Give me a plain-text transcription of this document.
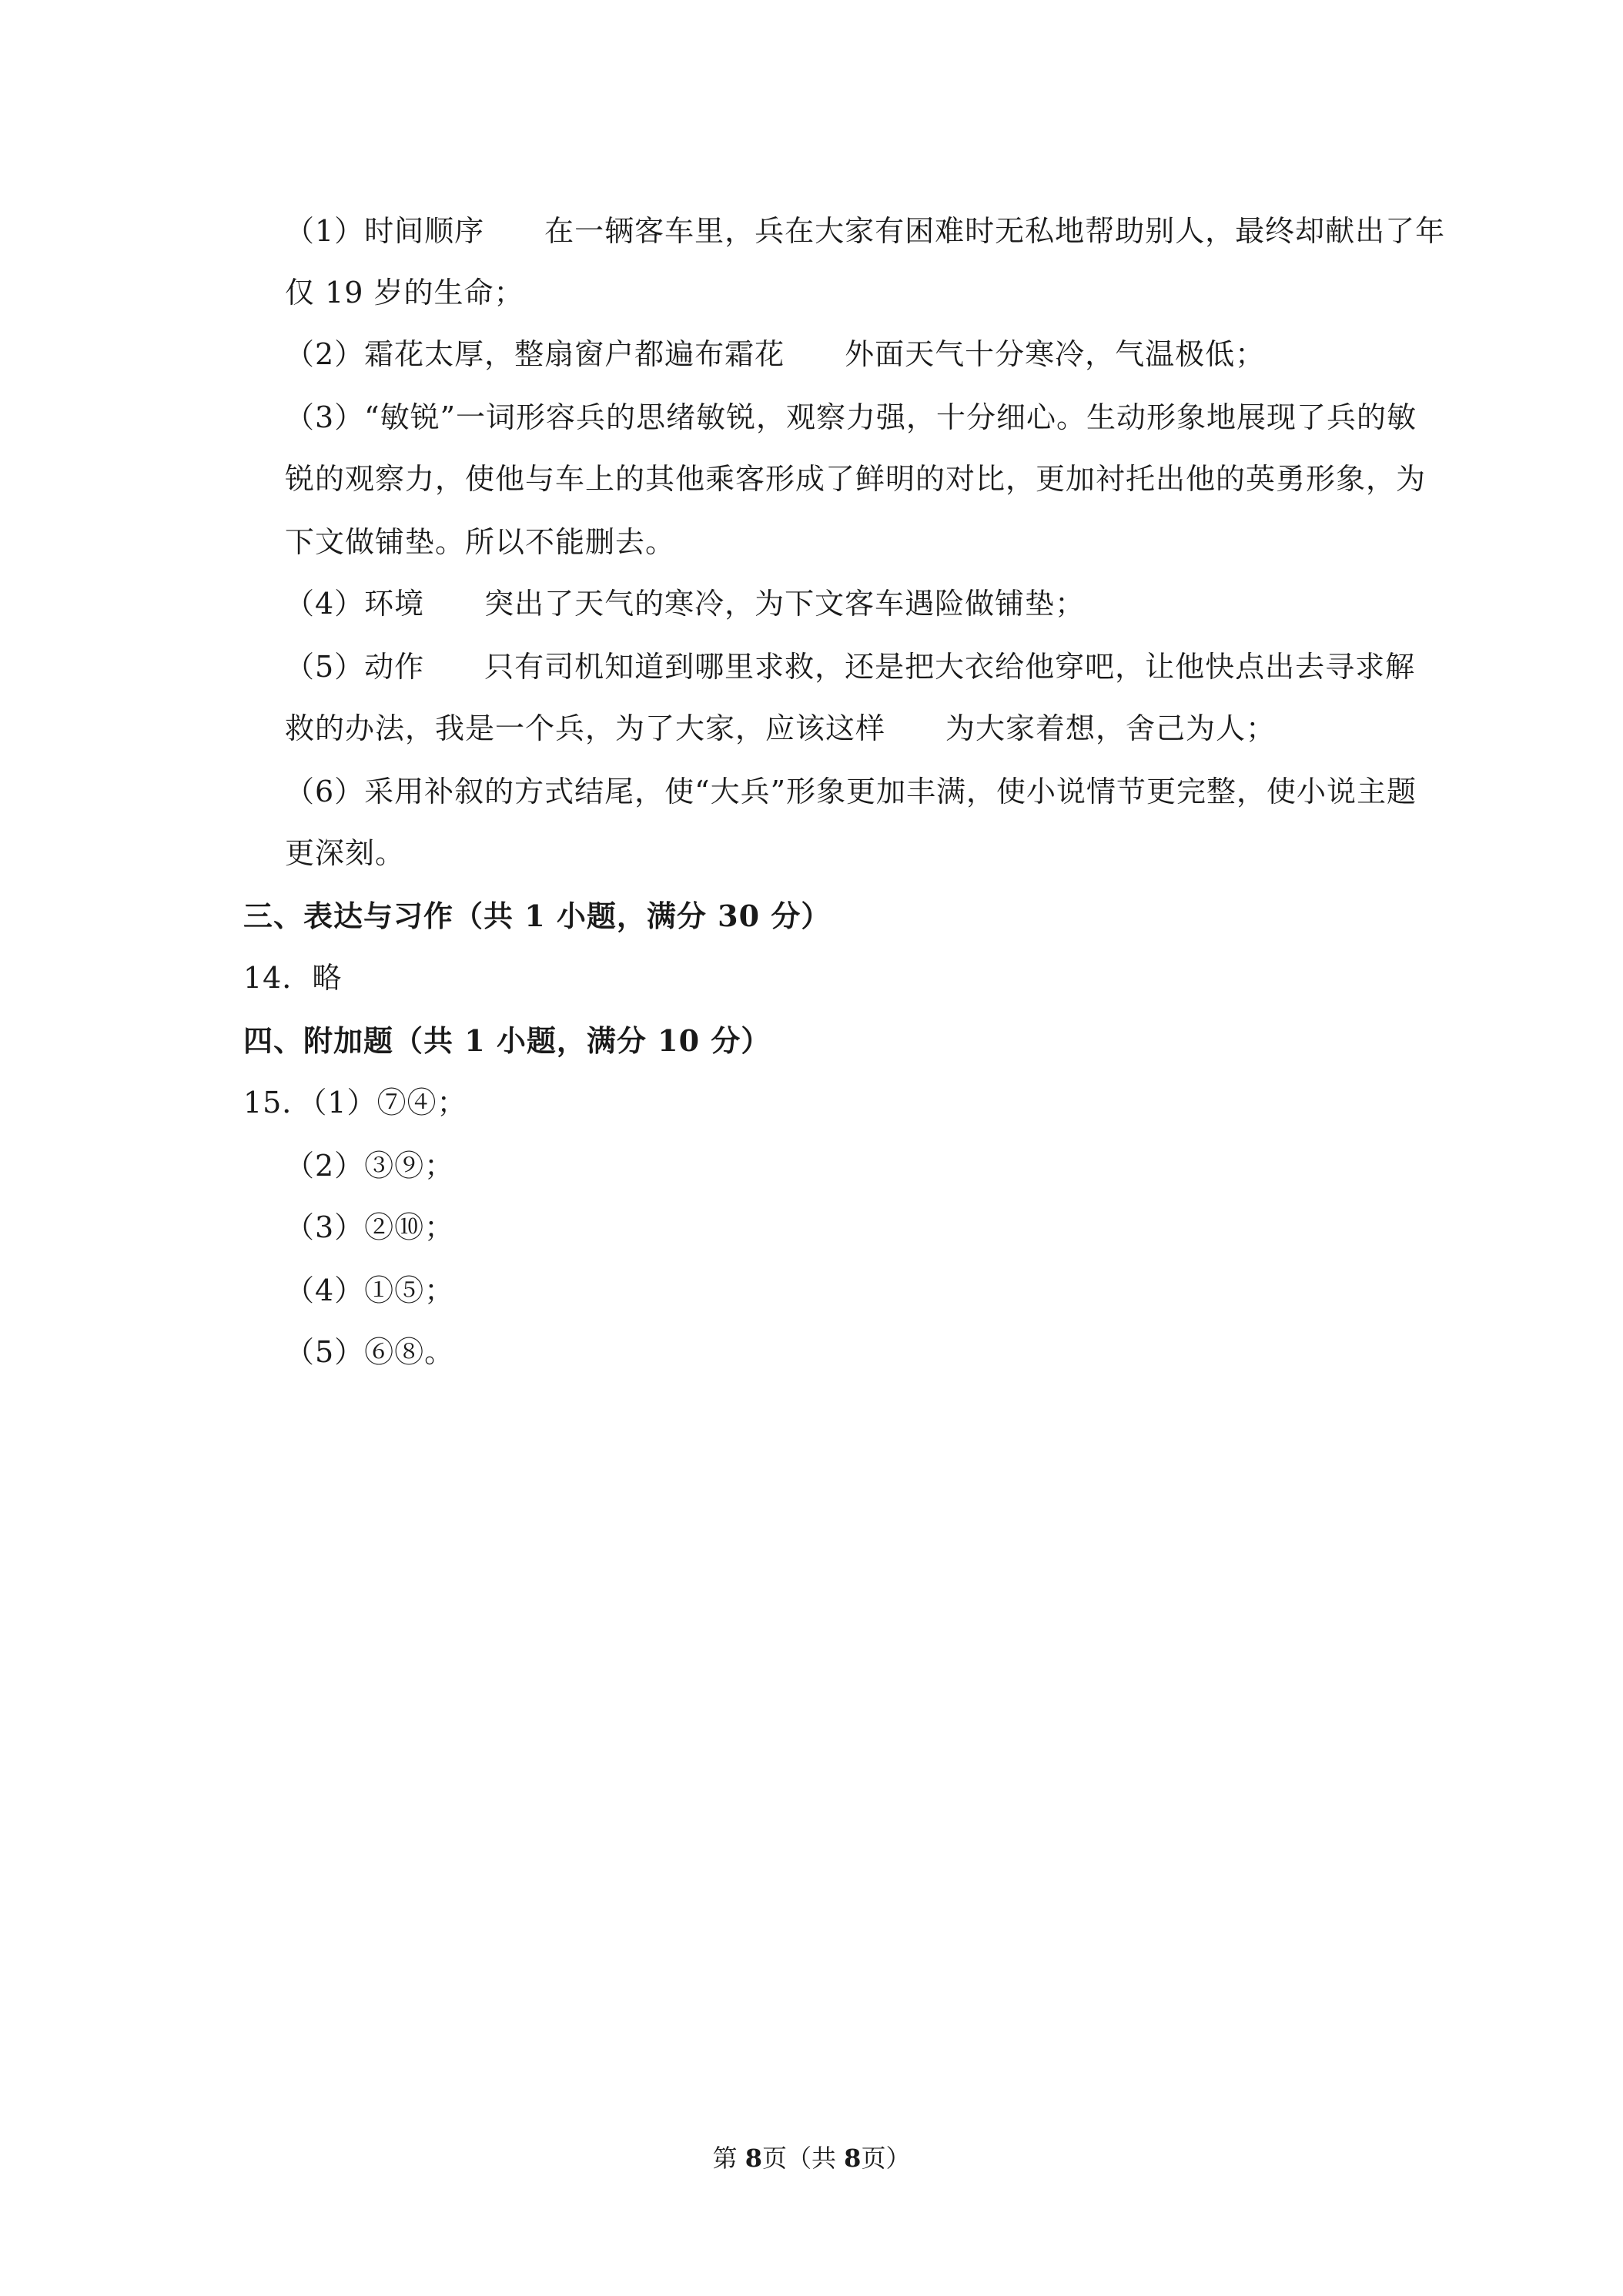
（1）时间顺序　　在一辆客车里，兵在大家有困难时无私地帮助别人，最终却献出了年
仅 19 岁的生命；
（2）霜花太厚，整扇窗户都遍布霜花　　外面天气十分寒冷，气温极低；
（3）“敏锐”一词形容兵的思绪敏锐，观察力强，十分细心。生动形象地展现了兵的敏
锐的观察力，使他与车上的其他乘客形成了鲜明的对比，更加衬托出他的英勇形象，为
下文做铺垫。所以不能删去。
（4）环境　　突出了天气的寒冷，为下文客车遇险做铺垫；
（5）动作　　只有司机知道到哪里求救，还是把大衣给他穿吧，让他快点出去寻求解
救的办法，我是一个兵，为了大家，应该这样　　为大家着想，舍己为人；
（6）采用补叙的方式结尾，使“大兵”形象更加丰满，使小说情节更完整，使小说主题
更深刻。
三、表达与习作（共 1 小题，满分 30 分）
14．略
四、附加题（共 1 小题，满分 10 分）
15．（1）⑦④；
（2）③⑨；
（3）②⑩；
（4）①⑤；
（5）⑥⑧。
第 8页（共 8页）
